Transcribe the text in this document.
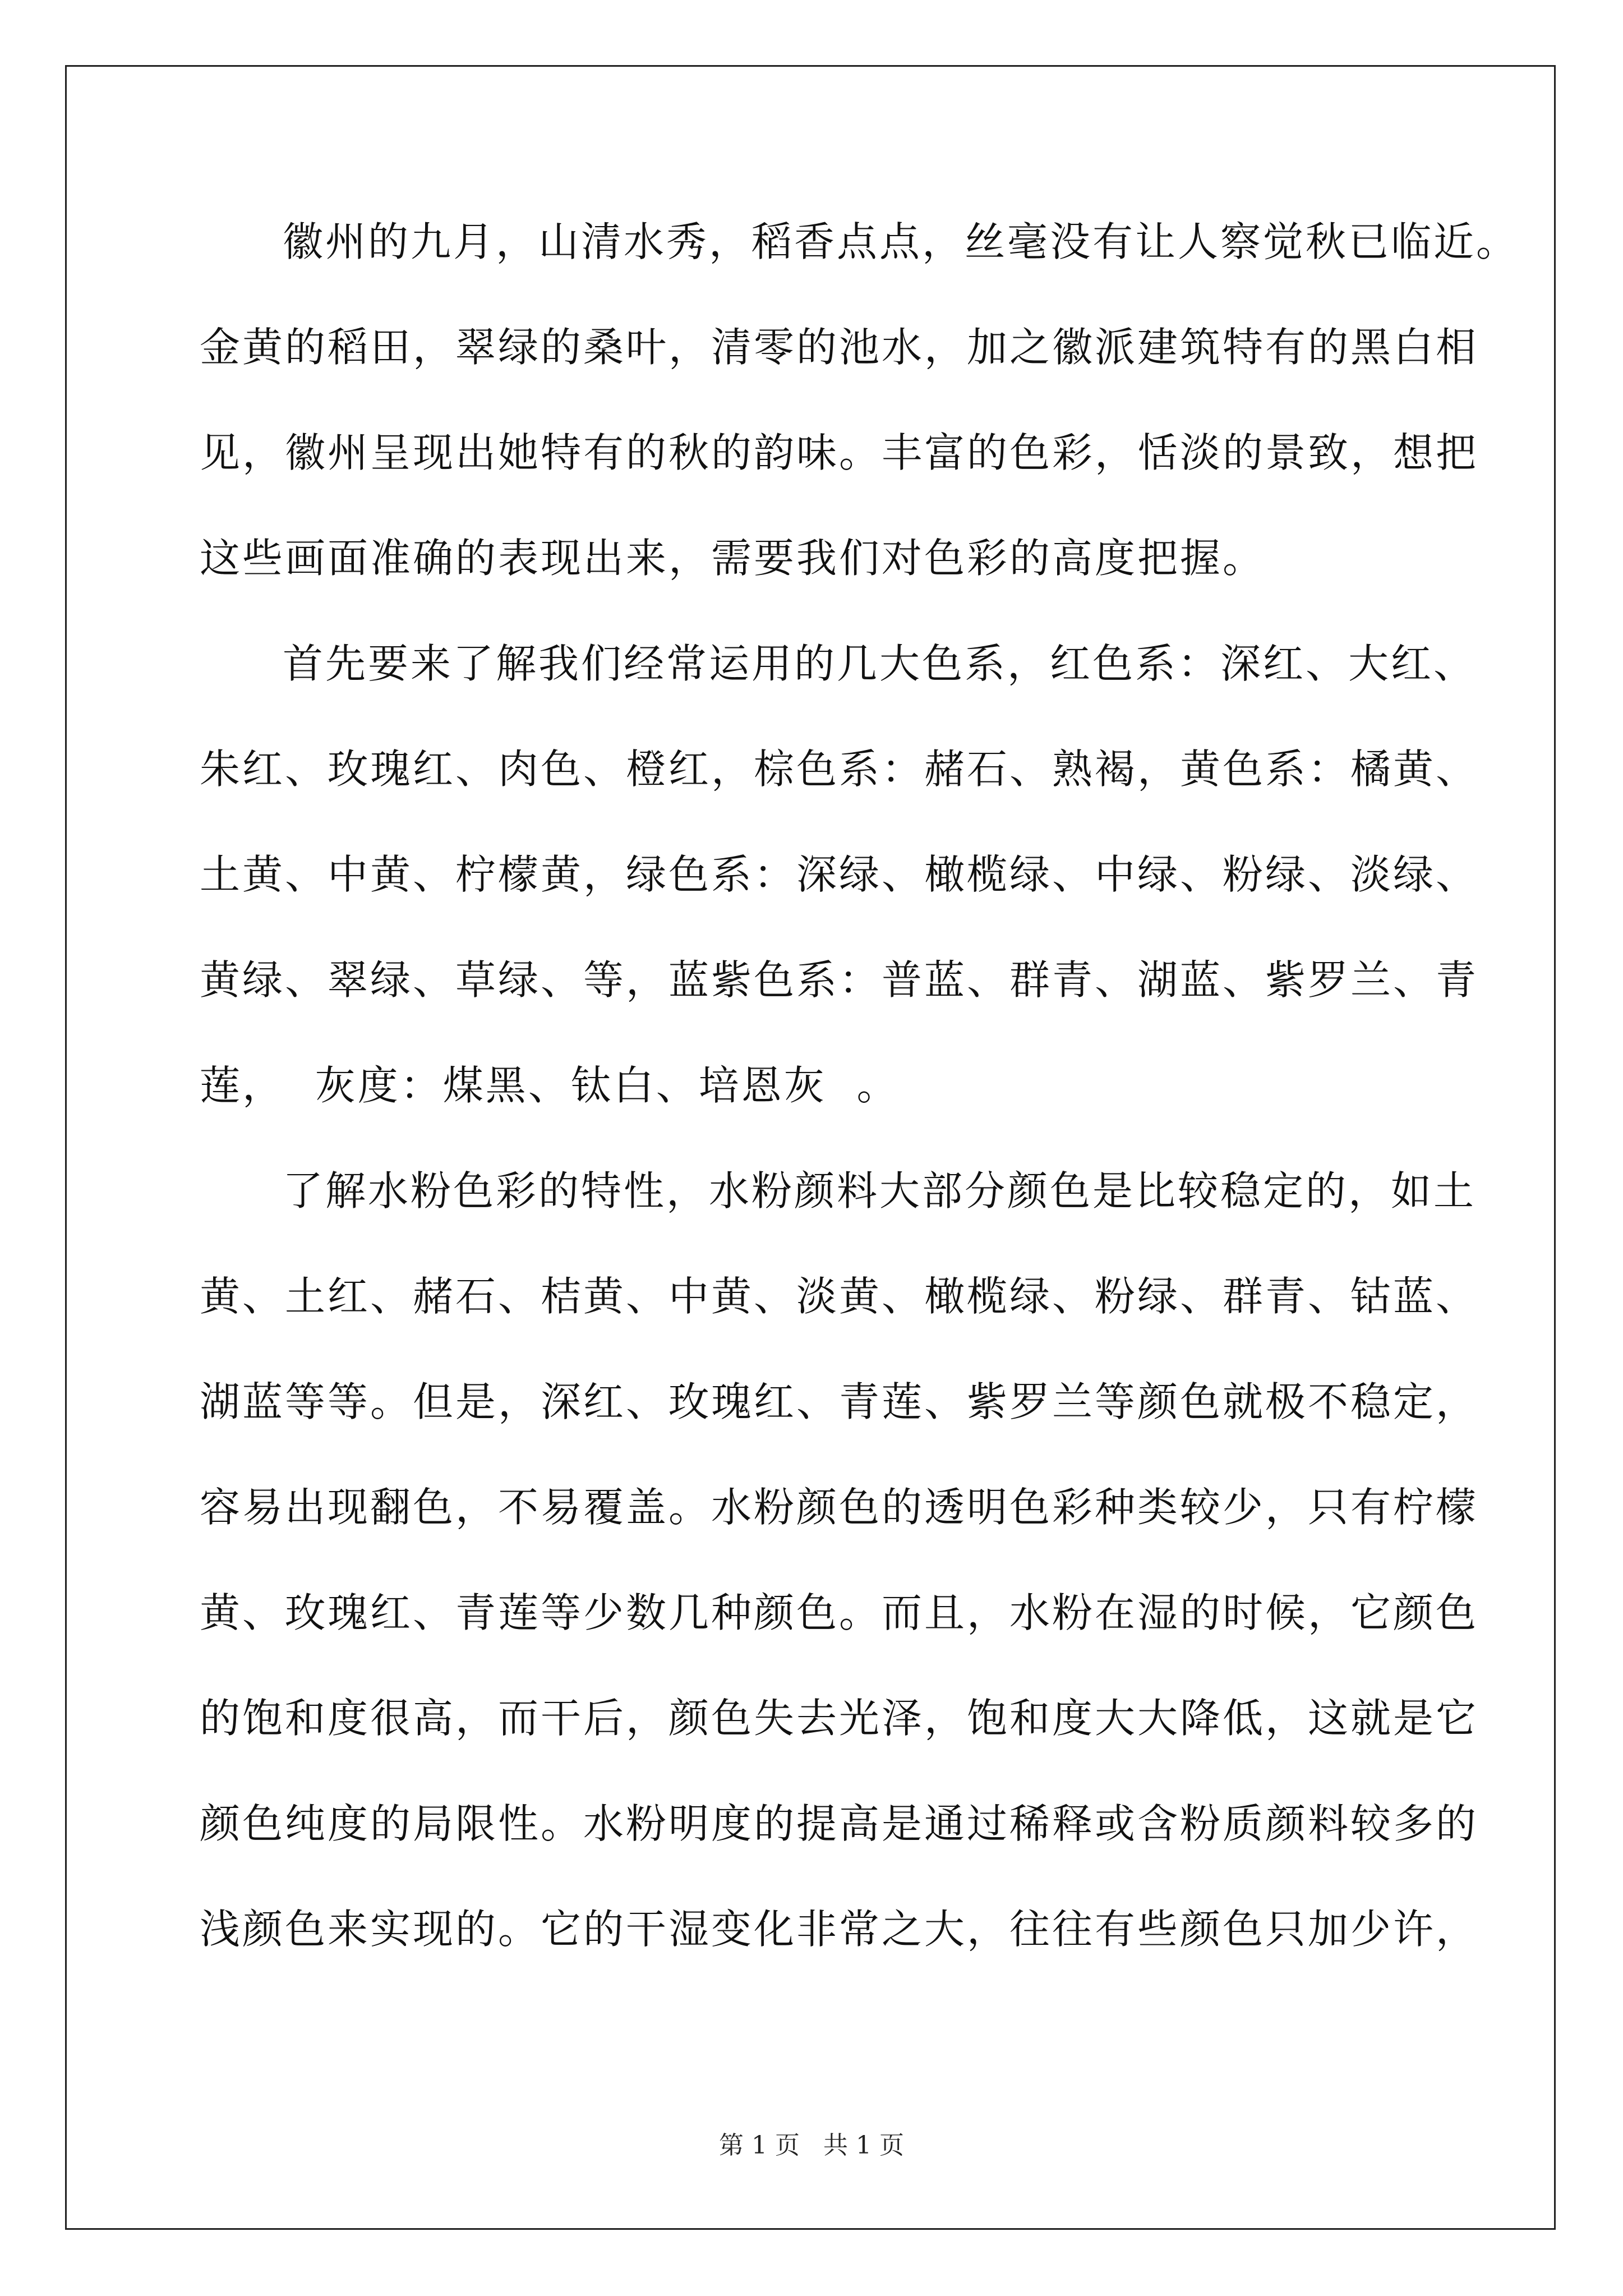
徽州的九月，山清水秀，稻香点点，丝毫没有让人察觉秋已临近。
金黄的稻田，翠绿的桑叶，清零的池水，加之徽派建筑特有的黑白相
见，徽州呈现出她特有的秋的韵味。丰富的色彩，恬淡的景致，想把
这些画面准确的表现出来，需要我们对色彩的高度把握。
首先要来了解我们经常运用的几大色系，红色系：深红、大红、
朱红、玫瑰红、肉色、橙红，棕色系：赭石、熟褐，黄色系：橘黄、
土黄、中黄、柠檬黄，绿色系：深绿、橄榄绿、中绿、粉绿、淡绿、
黄绿、翠绿、草绿、等，蓝紫色系：普蓝、群青、湖蓝、紫罗兰、青
莲，  灰度：煤黑、钛白、培恩灰  。
了解水粉色彩的特性，水粉颜料大部分颜色是比较稳定的，如土
黄、土红、赭石、桔黄、中黄、淡黄、橄榄绿、粉绿、群青、钴蓝、
湖蓝等等。但是，深红、玫瑰红、青莲、紫罗兰等颜色就极不稳定，
容易出现翻色，不易覆盖。水粉颜色的透明色彩种类较少，只有柠檬
黄、玫瑰红、青莲等少数几种颜色。而且，水粉在湿的时候，它颜色
的饱和度很高，而干后，颜色失去光泽，饱和度大大降低，这就是它
颜色纯度的局限性。水粉明度的提高是通过稀释或含粉质颜料较多的
浅颜色来实现的。它的干湿变化非常之大，往往有些颜色只加少许，
第 1 页   共 1 页
